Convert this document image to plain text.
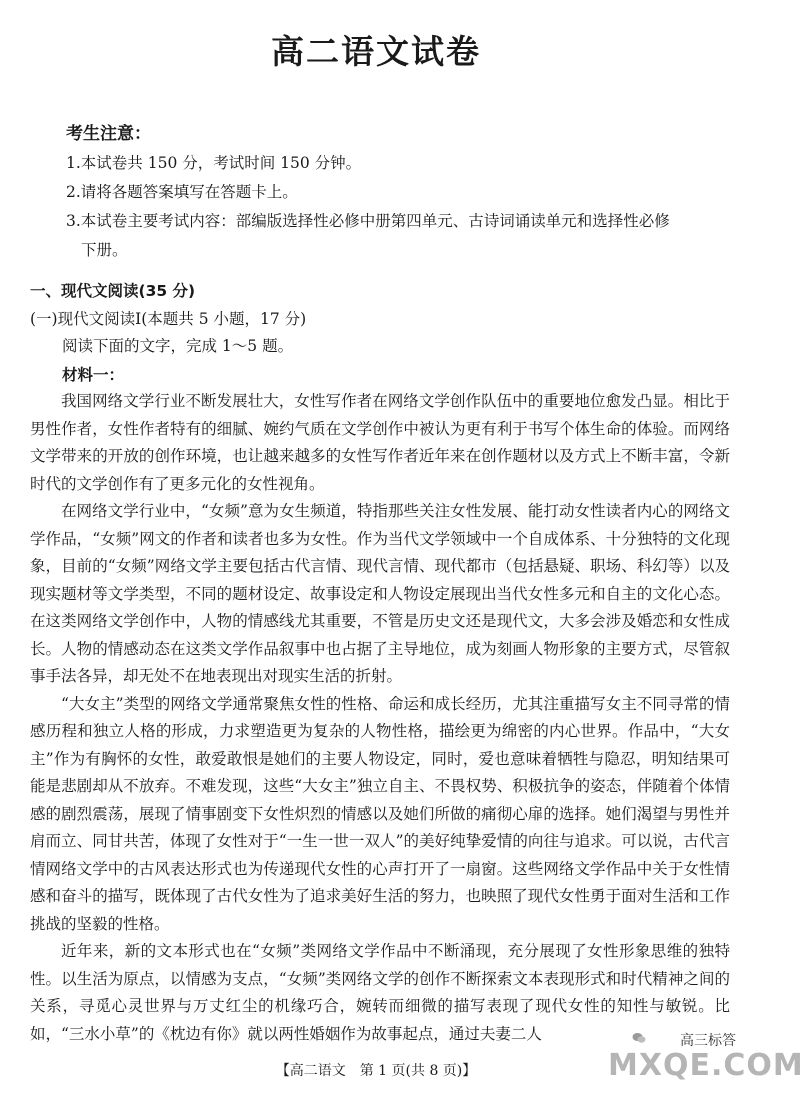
高二语文试卷
考生注意：
1.本试卷共 150 分，考试时间 150 分钟。
2.请将各题答案填写在答题卡上。
3.本试卷主要考试内容：部编版选择性必修中册第四单元、古诗词诵读单元和选择性必修
下册。
一、现代文阅读(35 分)
(一)现代文阅读Ⅰ(本题共 5 小题，17 分)
阅读下面的文字，完成 1～5 题。
材料一：

我国网络文学行业不断发展壮大，女性写作者在网络文学创作队伍中的重要地位愈发凸显。相比于男性作者，女性作者特有的细腻、婉约气质在文学创作中被认为更有利于书写个体生命的体验。而网络文学带来的开放的创作环境，也让越来越多的女性写作者近年来在创作题材以及方式上不断丰富，令新时代的文学创作有了更多元化的女性视角。

在网络文学行业中，“女频”意为女生频道，特指那些关注女性发展、能打动女性读者内心的网络文学作品，“女频”网文的作者和读者也多为女性。作为当代文学领域中一个自成体系、十分独特的文化现象，目前的“女频”网络文学主要包括古代言情、现代言情、现代都市（包括悬疑、职场、科幻等）以及现实题材等文学类型，不同的题材设定、故事设定和人物设定展现出当代女性多元和自主的文化心态。在这类网络文学创作中，人物的情感线尤其重要，不管是历史文还是现代文，大多会涉及婚恋和女性成长。人物的情感动态在这类文学作品叙事中也占据了主导地位，成为刻画人物形象的主要方式，尽管叙事手法各异，却无处不在地表现出对现实生活的折射。

“大女主”类型的网络文学通常聚焦女性的性格、命运和成长经历，尤其注重描写女主不同寻常的情感历程和独立人格的形成，力求塑造更为复杂的人物性格，描绘更为绵密的内心世界。作品中，“大女主”作为有胸怀的女性，敢爱敢恨是她们的主要人物设定，同时，爱也意味着牺牲与隐忍，明知结果可能是悲剧却从不放弃。不难发现，这些“大女主”独立自主、不畏权势、积极抗争的姿态，伴随着个体情感的剧烈震荡，展现了情事剧变下女性炽烈的情感以及她们所做的痛彻心扉的选择。她们渴望与男性并肩而立、同甘共苦，体现了女性对于“一生一世一双人”的美好纯挚爱情的向往与追求。可以说，古代言情网络文学中的古风表达形式也为传递现代女性的心声打开了一扇窗。这些网络文学作品中关于女性情感和奋斗的描写，既体现了古代女性为了追求美好生活的努力，也映照了现代女性勇于面对生活和工作挑战的坚毅的性格。

近年来，新的文本形式也在“女频”类网络文学作品中不断涌现，充分展现了女性形象思维的独特性。以生活为原点，以情感为支点，“女频”类网络文学的创作不断探索文本表现形式和时代精神之间的关系，寻觅心灵世界与万丈红尘的机缘巧合，婉转而细微的描写表现了现代女性的知性与敏锐。比如，“三水小草”的《枕边有你》就以两性婚姻作为故事起点，通过夫妻二人

【高二语文　第 1 页(共 8 页)】
高三标答
MXQE.COM
